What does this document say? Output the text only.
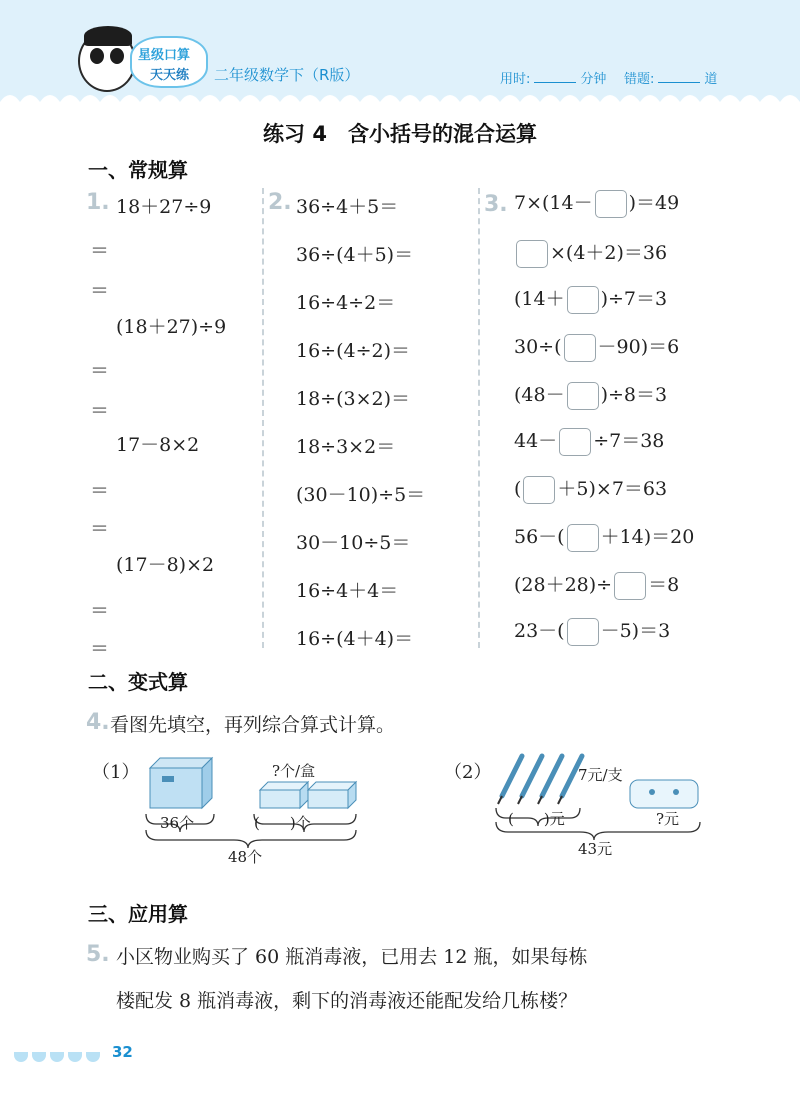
星级口算
天天练 二年级数学下（R版）	用时:	分钟 错题:	道
练习 4　含小括号的混合运算
一、常规算
1. 18＋27÷9
＝
＝
(18＋27)÷9
＝
＝
17－8×2
＝
＝
(17－8)×2
＝
＝
2. 36÷4＋5＝
36÷(4＋5)＝
16÷4÷2＝
16÷(4÷2)＝
18÷(3×2)＝
18÷3×2＝
(30－10)÷5＝
30－10÷5＝
16÷4＋4＝
16÷(4＋4)＝
3. 7×(14－ )＝49
×(4＋2)＝36
(14＋ )÷7＝3
30÷( －90)＝6
(48－ )÷8＝3
44－ ÷7＝38
( ＋5)×7＝63
56－( ＋14)＝20
(28＋28)÷ ＝8
23－( －5)＝3
二、变式算
4. 看图先填空，再列综合算式计算。
（1）	?个/盒
36个	(　　)个
48个
（2）	7元/支
(　　)元	?元
43元
三、应用算
5. 小区物业购买了 60 瓶消毒液，已用去 12 瓶，如果每栋
楼配发 8 瓶消毒液，剩下的消毒液还能配发给几栋楼？
32
